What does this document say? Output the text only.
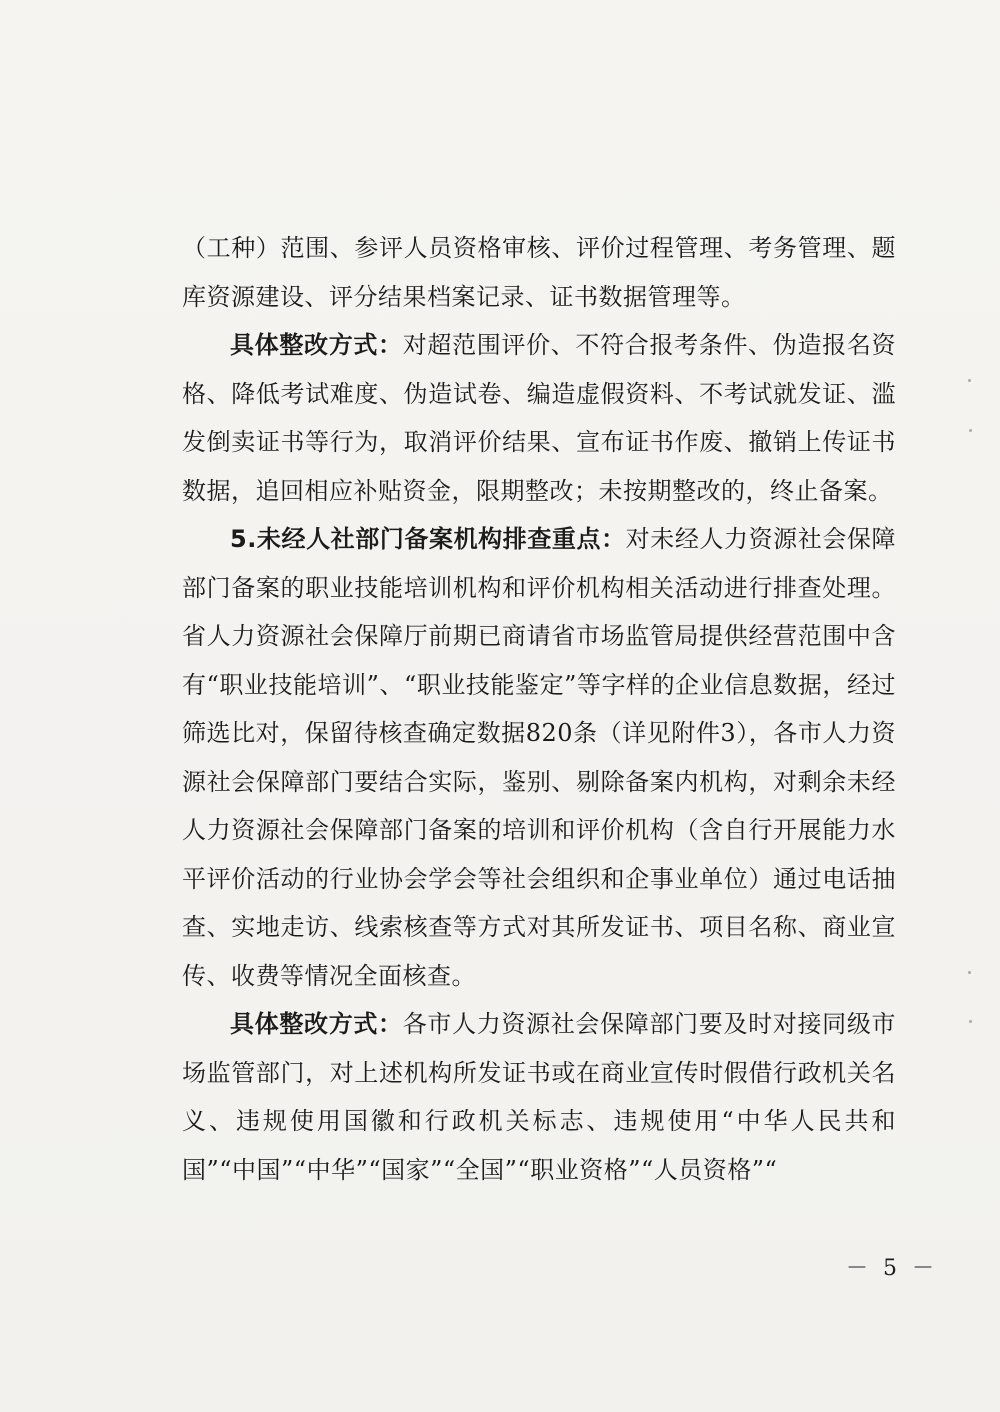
（工种）范围、参评人员资格审核、评价过程管理、考务管理、题库资源建设、评分结果档案记录、证书数据管理等。

具体整改方式：对超范围评价、不符合报考条件、伪造报名资格、降低考试难度、伪造试卷、编造虚假资料、不考试就发证、滥发倒卖证书等行为，取消评价结果、宣布证书作废、撤销上传证书数据，追回相应补贴资金，限期整改；未按期整改的，终止备案。

5.未经人社部门备案机构排查重点：对未经人力资源社会保障部门备案的职业技能培训机构和评价机构相关活动进行排查处理。省人力资源社会保障厅前期已商请省市场监管局提供经营范围中含有“职业技能培训”、“职业技能鉴定”等字样的企业信息数据，经过筛选比对，保留待核查确定数据820条（详见附件3），各市人力资源社会保障部门要结合实际，鉴别、剔除备案内机构，对剩余未经人力资源社会保障部门备案的培训和评价机构（含自行开展能力水平评价活动的行业协会学会等社会组织和企事业单位）通过电话抽查、实地走访、线索核查等方式对其所发证书、项目名称、商业宣传、收费等情况全面核查。

具体整改方式：各市人力资源社会保障部门要及时对接同级市场监管部门，对上述机构所发证书或在商业宣传时假借行政机关名义、违规使用国徽和行政机关标志、违规使用“中华人民共和国”“中国”“中华”“国家”“全国”“职业资格”“人员资格”“

－ 5 －
